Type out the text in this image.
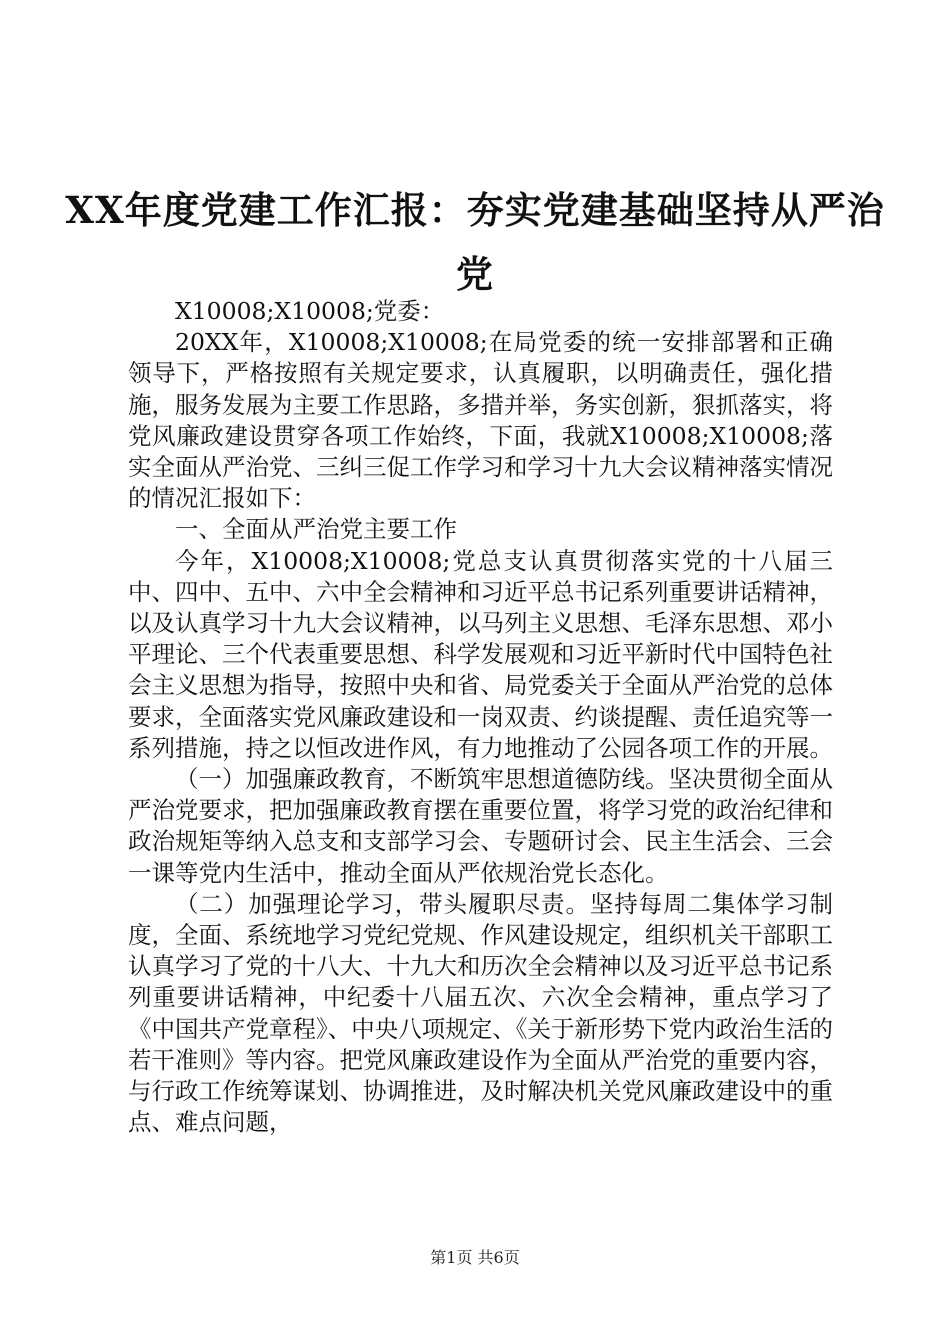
XX年度党建工作汇报：夯实党建基础坚持从严治党

X10008;X10008;党委：

20XX年，X10008;X10008;在局党委的统一安排部署和正确领导下，严格按照有关规定要求，认真履职，以明确责任，强化措施，服务发展为主要工作思路，多措并举，务实创新，狠抓落实，将党风廉政建设贯穿各项工作始终，下面，我就X10008;X10008;落实全面从严治党、三纠三促工作学习和学习十九大会议精神落实情况的情况汇报如下：

一、全面从严治党主要工作

今年，X10008;X10008;党总支认真贯彻落实党的十八届三中、四中、五中、六中全会精神和习近平总书记系列重要讲话精神，以及认真学习十九大会议精神，以马列主义思想、毛泽东思想、邓小平理论、三个代表重要思想、科学发展观和习近平新时代中国特色社会主义思想为指导，按照中央和省、局党委关于全面从严治党的总体要求，全面落实党风廉政建设和一岗双责、约谈提醒、责任追究等一系列措施，持之以恒改进作风，有力地推动了公园各项工作的开展。

（一）加强廉政教育，不断筑牢思想道德防线。坚决贯彻全面从严治党要求，把加强廉政教育摆在重要位置，将学习党的政治纪律和政治规矩等纳入总支和支部学习会、专题研讨会、民主生活会、三会一课等党内生活中，推动全面从严依规治党长态化。

（二）加强理论学习，带头履职尽责。坚持每周二集体学习制度，全面、系统地学习党纪党规、作风建设规定，组织机关干部职工认真学习了党的十八大、十九大和历次全会精神以及习近平总书记系列重要讲话精神，中纪委十八届五次、六次全会精神，重点学习了《中国共产党章程》、中央八项规定、《关于新形势下党内政治生活的若干准则》等内容。把党风廉政建设作为全面从严治党的重要内容，与行政工作统筹谋划、协调推进，及时解决机关党风廉政建设中的重点、难点问题，

第1页 共6页
